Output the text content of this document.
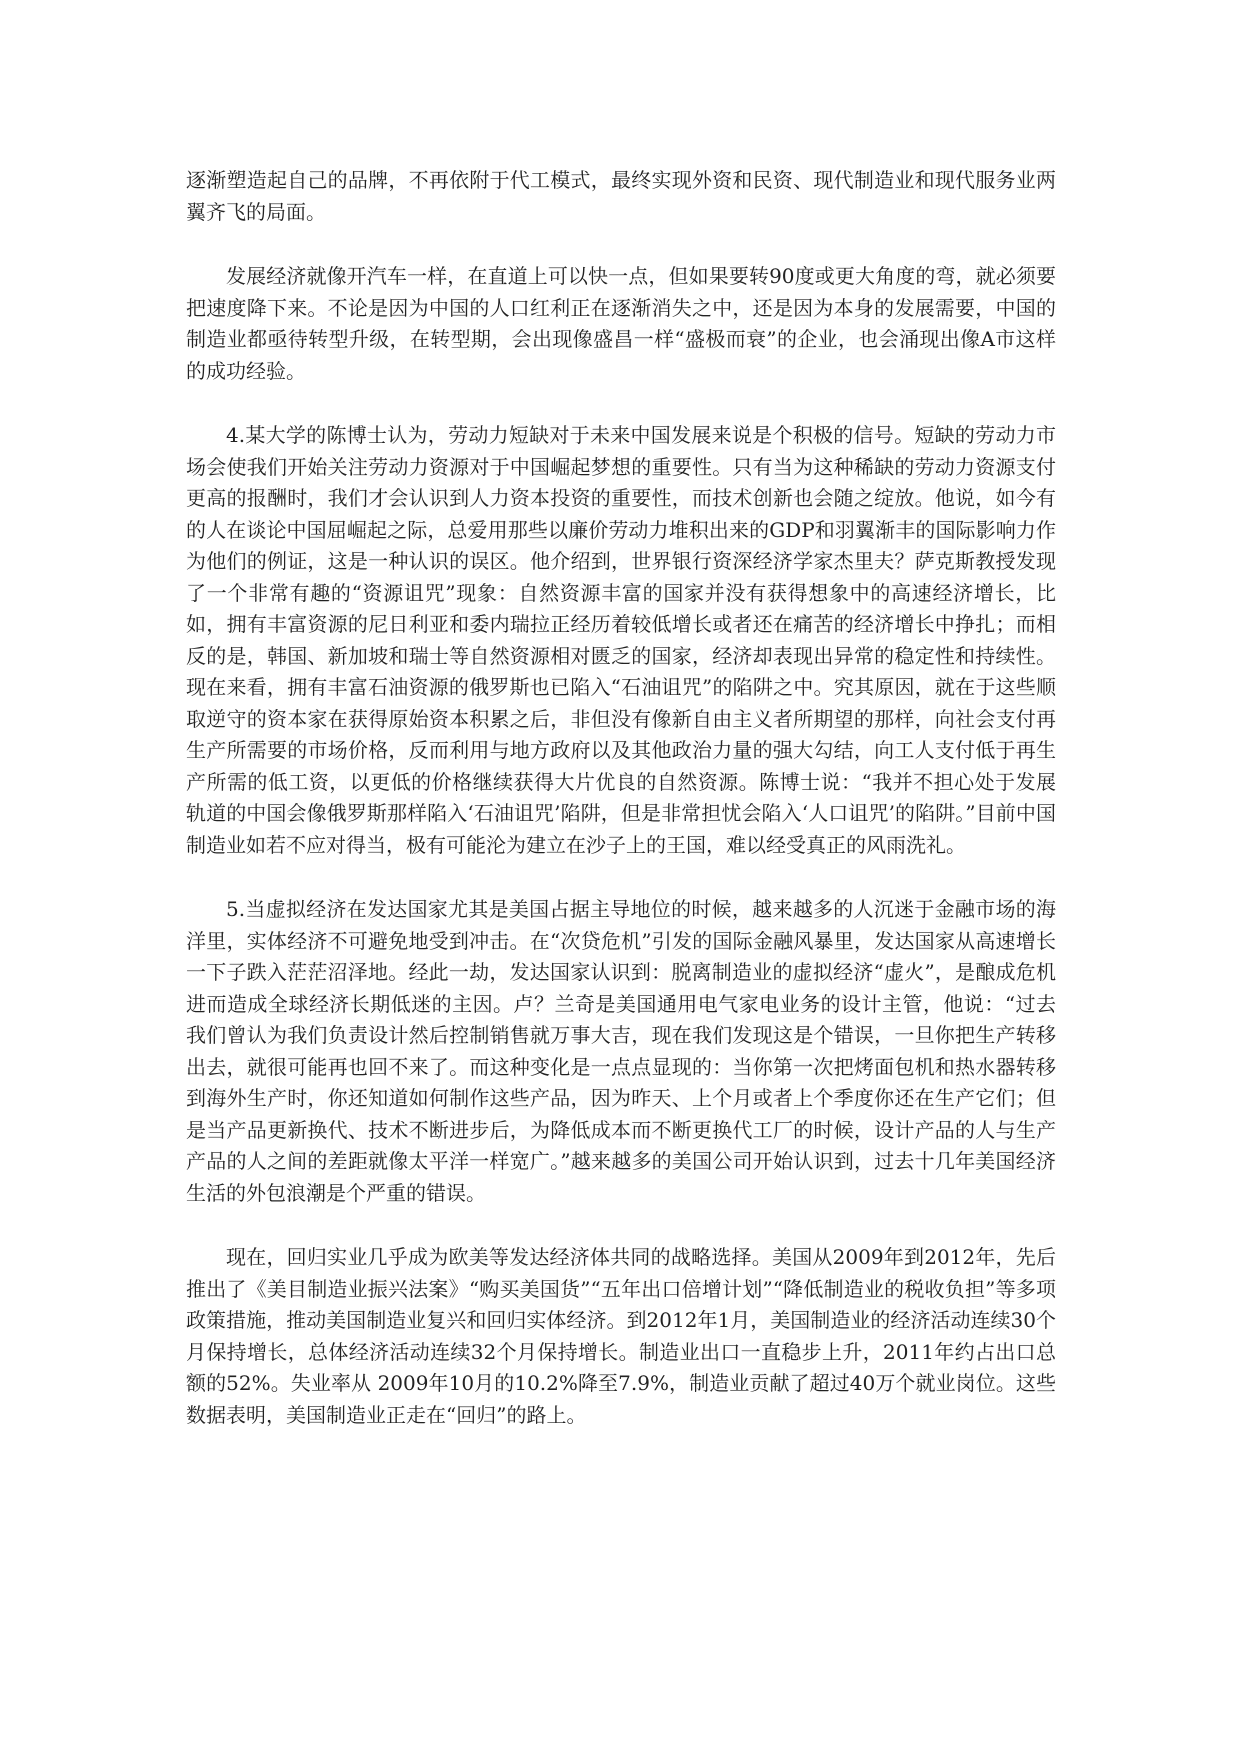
逐渐塑造起自己的品牌，不再依附于代工模式，最终实现外资和民资、现代制造业和现代服务业两翼齐飞的局面。

发展经济就像开汽车一样，在直道上可以快一点，但如果要转90度或更大角度的弯，就必须要把速度降下来。不论是因为中国的人口红利正在逐渐消失之中，还是因为本身的发展需要，中国的制造业都亟待转型升级，在转型期，会出现像盛昌一样“盛极而衰”的企业，也会涌现出像A市这样的成功经验。

4.某大学的陈博士认为，劳动力短缺对于未来中国发展来说是个积极的信号。短缺的劳动力市场会使我们开始关注劳动力资源对于中国崛起梦想的重要性。只有当为这种稀缺的劳动力资源支付更高的报酬时，我们才会认识到人力资本投资的重要性，而技术创新也会随之绽放。他说，如今有的人在谈论中国屈崛起之际，总爱用那些以廉价劳动力堆积出来的GDP和羽翼渐丰的国际影响力作为他们的例证，这是一种认识的误区。他介绍到，世界银行资深经济学家杰里夫？萨克斯教授发现了一个非常有趣的“资源诅咒”现象：自然资源丰富的国家并没有获得想象中的高速经济增长，比如，拥有丰富资源的尼日利亚和委内瑞拉正经历着较低增长或者还在痛苦的经济增长中挣扎；而相反的是，韩国、新加坡和瑞士等自然资源相对匮乏的国家，经济却表现出异常的稳定性和持续性。现在来看，拥有丰富石油资源的俄罗斯也已陷入“石油诅咒”的陷阱之中。究其原因，就在于这些顺取逆守的资本家在获得原始资本积累之后，非但没有像新自由主义者所期望的那样，向社会支付再生产所需要的市场价格，反而利用与地方政府以及其他政治力量的强大勾结，向工人支付低于再生产所需的低工资，以更低的价格继续获得大片优良的自然资源。陈博士说：“我并不担心处于发展轨道的中国会像俄罗斯那样陷入‘石油诅咒’陷阱，但是非常担忧会陷入‘人口诅咒’的陷阱。”目前中国制造业如若不应对得当，极有可能沦为建立在沙子上的王国，难以经受真正的风雨洗礼。

5.当虚拟经济在发达国家尤其是美国占据主导地位的时候，越来越多的人沉迷于金融市场的海洋里，实体经济不可避免地受到冲击。在“次贷危机”引发的国际金融风暴里，发达国家从高速增长一下子跌入茫茫沼泽地。经此一劫，发达国家认识到：脱离制造业的虚拟经济“虚火”，是酿成危机进而造成全球经济长期低迷的主因。卢？兰奇是美国通用电气家电业务的设计主管，他说：“过去我们曾认为我们负责设计然后控制销售就万事大吉，现在我们发现这是个错误，一旦你把生产转移出去，就很可能再也回不来了。而这种变化是一点点显现的：当你第一次把烤面包机和热水器转移到海外生产时，你还知道如何制作这些产品，因为昨天、上个月或者上个季度你还在生产它们；但是当产品更新换代、技术不断进步后，为降低成本而不断更换代工厂的时候，设计产品的人与生产产品的人之间的差距就像太平洋一样宽广。”越来越多的美国公司开始认识到，过去十几年美国经济生活的外包浪潮是个严重的错误。

现在，回归实业几乎成为欧美等发达经济体共同的战略选择。美国从2009年到2012年，先后推出了《美目制造业振兴法案》“购买美国货”“五年出口倍增计划”“降低制造业的税收负担”等多项政策措施，推动美国制造业复兴和回归实体经济。到2012年1月，美国制造业的经济活动连续30个月保持增长，总体经济活动连续32个月保持增长。制造业出口一直稳步上升，2011年约占出口总额的52%。失业率从 2009年10月的10.2%降至7.9%，制造业贡献了超过40万个就业岗位。这些数据表明，美国制造业正走在“回归”的路上。
